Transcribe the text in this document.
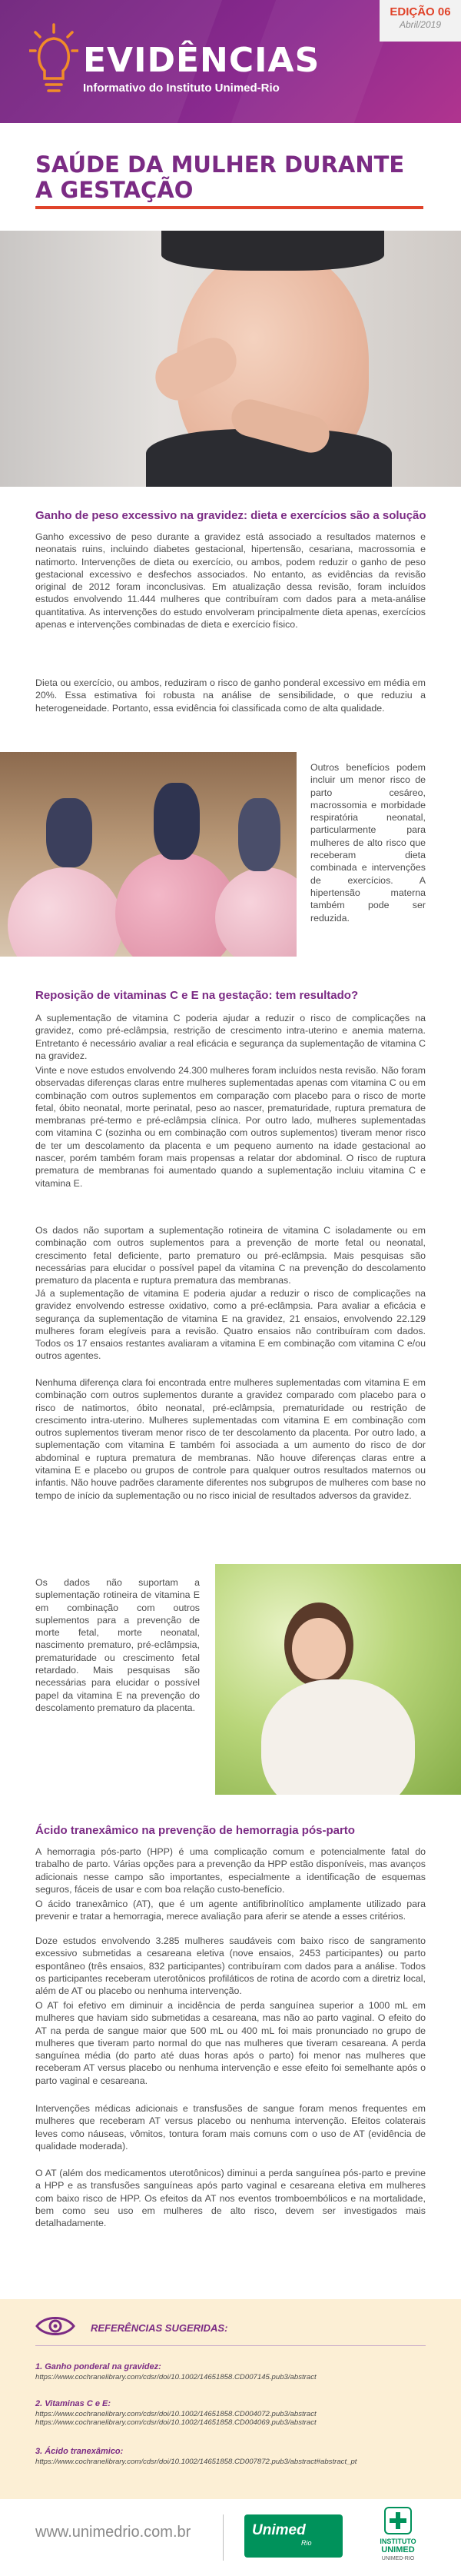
EVIDÊNCIAS
Informativo do Instituto Unimed-Rio
EDIÇÃO 06
Abril/2019
SAÚDE DA MULHER DURANTE A GESTAÇÃO
Ganho de peso excessivo na gravidez: dieta e exercícios são a solução
Ganho excessivo de peso durante a gravidez está associado a resultados maternos e neonatais ruins, incluindo diabetes gestacional, hipertensão, cesariana, macrossomia e natimorto. Intervenções de dieta ou exercício, ou ambos, podem reduzir o ganho de peso gestacional excessivo e desfechos associados. No entanto, as evidências da revisão original de 2012 foram inconclusivas. Em atualização dessa revisão, foram incluídos estudos envolvendo 11.444 mulheres que contribuíram com dados para a meta-análise quantitativa. As intervenções do estudo envolveram principalmente dieta apenas, exercícios apenas e intervenções combinadas de dieta e exercício físico.
Dieta ou exercício, ou ambos, reduziram o risco de ganho ponderal excessivo em média em 20%. Essa estimativa foi robusta na análise de sensibilidade, o que reduziu a heterogeneidade. Portanto, essa evidência foi classificada como de alta qualidade.
Outros benefícios podem incluir um menor risco de parto cesáreo, macrossomia e morbidade respiratória neonatal, particularmente para mulheres de alto risco que receberam dieta combinada e intervenções de exercícios. A hipertensão materna também pode ser reduzida.
Reposição de vitaminas C e E na gestação: tem resultado?
A suplementação de vitamina C poderia ajudar a reduzir o risco de complicações na gravidez, como pré-eclâmpsia, restrição de crescimento intra-uterino e anemia materna. Entretanto é necessário avaliar a real eficácia e segurança da suplementação de vitamina C na gravidez.
Vinte e nove estudos envolvendo 24.300 mulheres foram incluídos nesta revisão. Não foram observadas diferenças claras entre mulheres suplementadas apenas com vitamina C ou em combinação com outros suplementos em comparação com placebo para o risco de morte fetal, óbito neonatal, morte perinatal, peso ao nascer, prematuridade, ruptura prematura de membranas pré-termo e pré-eclâmpsia clínica. Por outro lado, mulheres suplementadas com vitamina C (sozinha ou em combinação com outros suplementos) tiveram menor risco de ter um descolamento da placenta e um pequeno aumento na idade gestacional ao nascer, porém também foram mais propensas a relatar dor abdominal. O risco de ruptura prematura de membranas foi aumentado quando a suplementação incluiu vitamina C e vitamina E.
Os dados não suportam a suplementação rotineira de vitamina C isoladamente ou em combinação com outros suplementos para a prevenção de morte fetal ou neonatal, crescimento fetal deficiente, parto prematuro ou pré-eclâmpsia. Mais pesquisas são necessárias para elucidar o possível papel da vitamina C na prevenção do descolamento prematuro da placenta e ruptura prematura das membranas.
Já a suplementação de vitamina E poderia ajudar a reduzir o risco de complicações na gravidez envolvendo estresse oxidativo, como a pré-eclâmpsia. Para avaliar a eficácia e segurança da suplementação de vitamina E na gravidez, 21 ensaios, envolvendo 22.129 mulheres foram elegíveis para a revisão. Quatro ensaios não contribuíram com dados. Todos os 17 ensaios restantes avaliaram a vitamina E em combinação com vitamina C e/ou outros agentes.
Nenhuma diferença clara foi encontrada entre mulheres suplementadas com vitamina E em combinação com outros suplementos durante a gravidez comparado com placebo para o risco de natimortos, óbito neonatal, pré-eclâmpsia, prematuridade ou restrição de crescimento intra-uterino. Mulheres suplementadas com vitamina E em combinação com outros suplementos tiveram menor risco de ter descolamento da placenta. Por outro lado, a suplementação com vitamina E também foi associada a um aumento do risco de dor abdominal e ruptura prematura de membranas. Não houve diferenças claras entre a vitamina E e placebo ou grupos de controle para qualquer outros resultados maternos ou infantis. Não houve padrões claramente diferentes nos subgrupos de mulheres com base no tempo de início da suplementação ou no risco inicial de resultados adversos da gravidez.
Os dados não suportam a suplementação rotineira de vitamina E em combinação com outros suplementos para a prevenção de morte fetal, morte neonatal, nascimento prematuro, pré-eclâmpsia, prematuridade ou crescimento fetal retardado. Mais pesquisas são necessárias para elucidar o possível papel da vitamina E na prevenção do descolamento prematuro da placenta.
Ácido tranexâmico na prevenção de hemorragia pós-parto
A hemorragia pós-parto (HPP) é uma complicação comum e potencialmente fatal do trabalho de parto. Várias opções para a prevenção da HPP estão disponíveis, mas avanços adicionais nesse campo são importantes, especialmente a identificação de esquemas seguros, fáceis de usar e com boa relação custo-benefício.
O ácido tranexâmico (AT), que é um agente antifibrinolítico amplamente utilizado para prevenir e tratar a hemorragia, merece avaliação para aferir se atende a esses critérios.
Doze estudos envolvendo 3.285 mulheres saudáveis com baixo risco de sangramento excessivo submetidas a cesareana eletiva (nove ensaios, 2453 participantes) ou parto espontâneo (três ensaios, 832 participantes) contribuíram com dados para a análise. Todos os participantes receberam uterotônicos profiláticos de rotina de acordo com a diretriz local, além de AT ou placebo ou nenhuma intervenção.
O AT foi efetivo em diminuir a incidência de perda sanguínea superior a 1000 mL em mulheres que haviam sido submetidas a cesareana, mas não ao parto vaginal. O efeito do AT na perda de sangue maior que 500 mL ou 400 mL foi mais pronunciado no grupo de mulheres que tiveram parto normal do que nas mulheres que tiveram cesareana. A perda sanguínea média (do parto até duas horas após o parto) foi menor nas mulheres que receberam AT versus placebo ou nenhuma intervenção e esse efeito foi semelhante após o parto vaginal e cesareana.
Intervenções médicas adicionais e transfusões de sangue foram menos frequentes em mulheres que receberam AT versus placebo ou nenhuma intervenção. Efeitos colaterais leves como náuseas, vômitos, tontura foram mais comuns com o uso de AT (evidência de qualidade moderada).
O AT (além dos medicamentos uterotônicos) diminui a perda sanguínea pós-parto e previne a HPP e as transfusões sanguíneas após parto vaginal e cesareana eletiva em mulheres com baixo risco de HPP. Os efeitos da AT nos eventos tromboembólicos e na mortalidade, bem como seu uso em mulheres de alto risco, devem ser investigados mais detalhadamente.
REFERÊNCIAS SUGERIDAS:
1. Ganho ponderal na gravidez:
https://www.cochranelibrary.com/cdsr/doi/10.1002/14651858.CD007145.pub3/abstract
2. Vitaminas C e E:
https://www.cochranelibrary.com/cdsr/doi/10.1002/14651858.CD004072.pub3/abstract
https://www.cochranelibrary.com/cdsr/doi/10.1002/14651858.CD004069.pub3/abstract
3. Ácido tranexâmico:
https://www.cochranelibrary.com/cdsr/doi/10.1002/14651858.CD007872.pub3/abstract#abstract_pt
www.unimedrio.com.br	Unimed
Rio	INSTITUTO
UNIMED
UNIMED-RIO
